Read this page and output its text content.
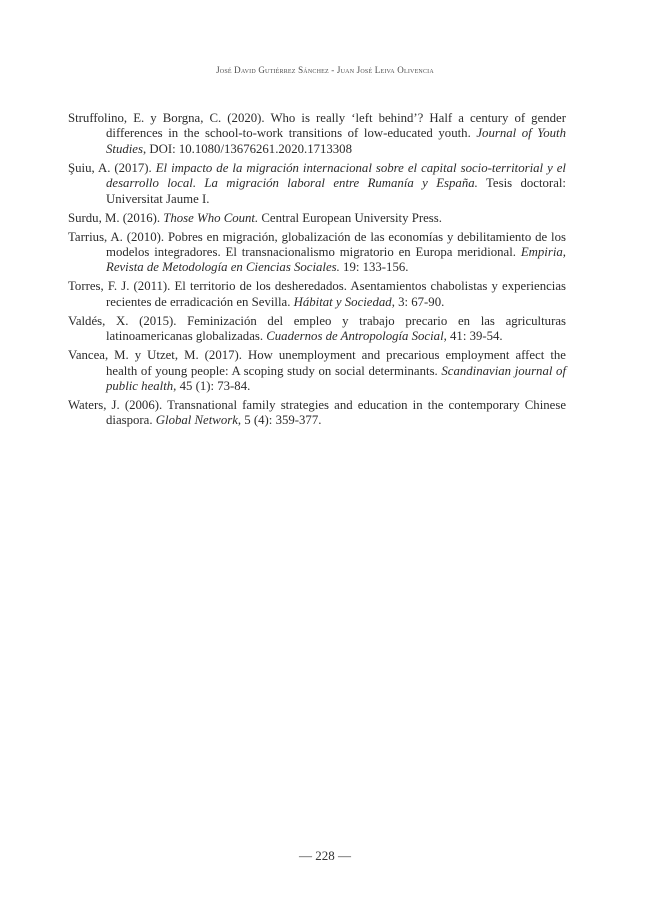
José David Gutiérrez Sánchez - Juan José Leiva Olivencia

Struffolino, E. y Borgna, C. (2020). Who is really ‘left behind’? Half a century of gender differences in the school-to-work transitions of low-educated youth. Journal of Youth Studies, DOI: 10.1080/13676261.2020.1713308

Şuiu, A. (2017). El impacto de la migración internacional sobre el capital socio-territorial y el desarrollo local. La migración laboral entre Rumanía y España. Tesis doctoral: Universitat Jaume I.

Surdu, M. (2016). Those Who Count. Central European University Press.

Tarrius, A. (2010). Pobres en migración, globalización de las economías y debilitamiento de los modelos integradores. El transnacionalismo migratorio en Europa meridional. Empiria, Revista de Metodología en Ciencias Sociales. 19: 133-156.

Torres, F. J. (2011). El territorio de los desheredados. Asentamientos chabolistas y experiencias recientes de erradicación en Sevilla. Hábitat y Sociedad, 3: 67-90.

Valdés, X. (2015). Feminización del empleo y trabajo precario en las agriculturas latinoamericanas globalizadas. Cuadernos de Antropología Social, 41: 39-54.

Vancea, M. y Utzet, M. (2017). How unemployment and precarious employment affect the health of young people: A scoping study on social determinants. Scandinavian journal of public health, 45 (1): 73-84.

Waters, J. (2006). Transnational family strategies and education in the contemporary Chinese diaspora. Global Network, 5 (4): 359-377.

— 228 —
